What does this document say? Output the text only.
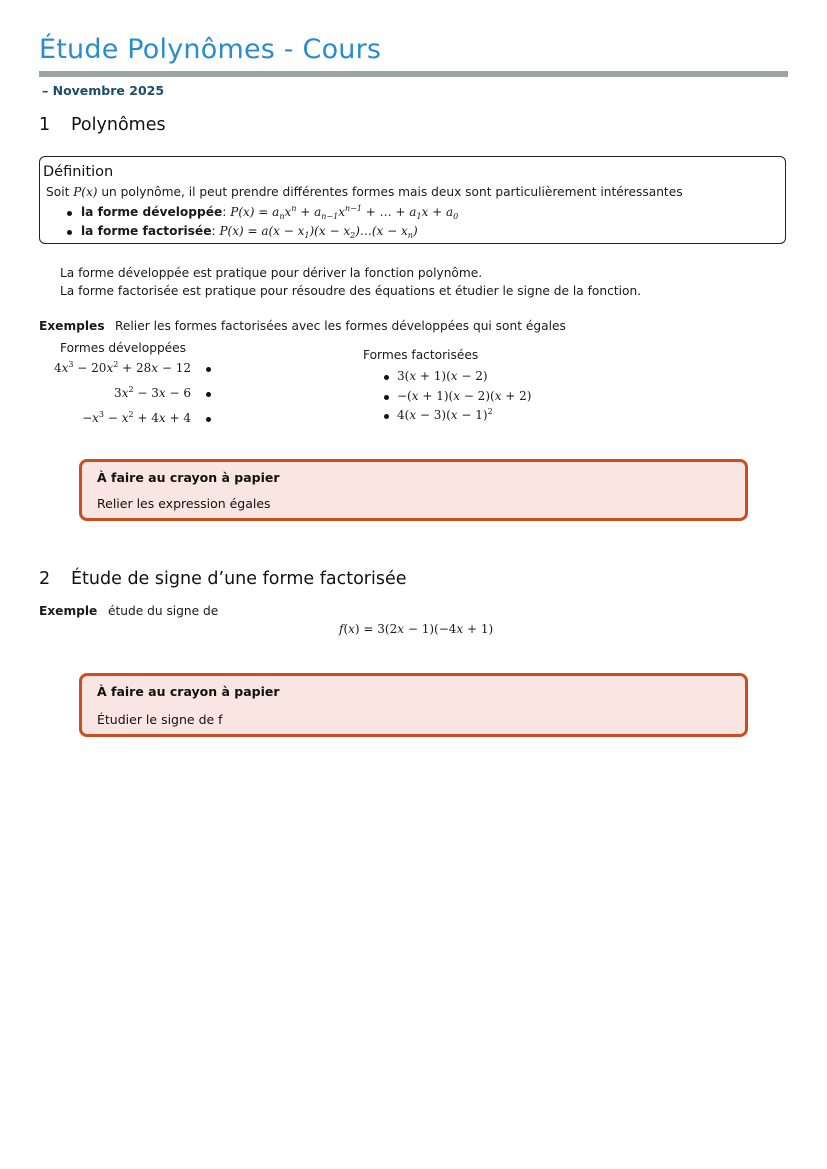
Étude Polynômes - Cours
– Novembre 2025
1 Polynômes
Définition
Soit P(x) un polynôme, il peut prendre différentes formes mais deux sont particulièrement intéressantes
la forme développée: $P(x) = a_nx^n + a_{n-1}x^{n-1}$ + … + $a_1x + a_0$
la forme factorisée: $P(x) = a(x - x_1)(x$ − $x_2)\dots(x - x_n)$
La forme développée est pratique pour dériver la fonction polynôme.
La forme factorisée est pratique pour résoudre des équations et étudier le signe de la fonction.
Exemples Relier les formes factorisées avec les formes développées qui sont égales
Formes développées	Formes factorisées
$4x^3 - 20x^2 + 28x - 12$
$3x^2 - 3x - 6$
$-x^3 - x^2 + 4x + 4$
3(x + 1)(x − 2)
−(x + 1)(x − 2)(x + 2)
$4(x - 3)(x - 1)^2$
À faire au crayon à papier
Relier les expression égales
2 Étude de signe d’une forme factorisée
Exemple étude du signe de
f(x) = 3(2x − 1)(−4x + 1)
À faire au crayon à papier
Étudier le signe de f
